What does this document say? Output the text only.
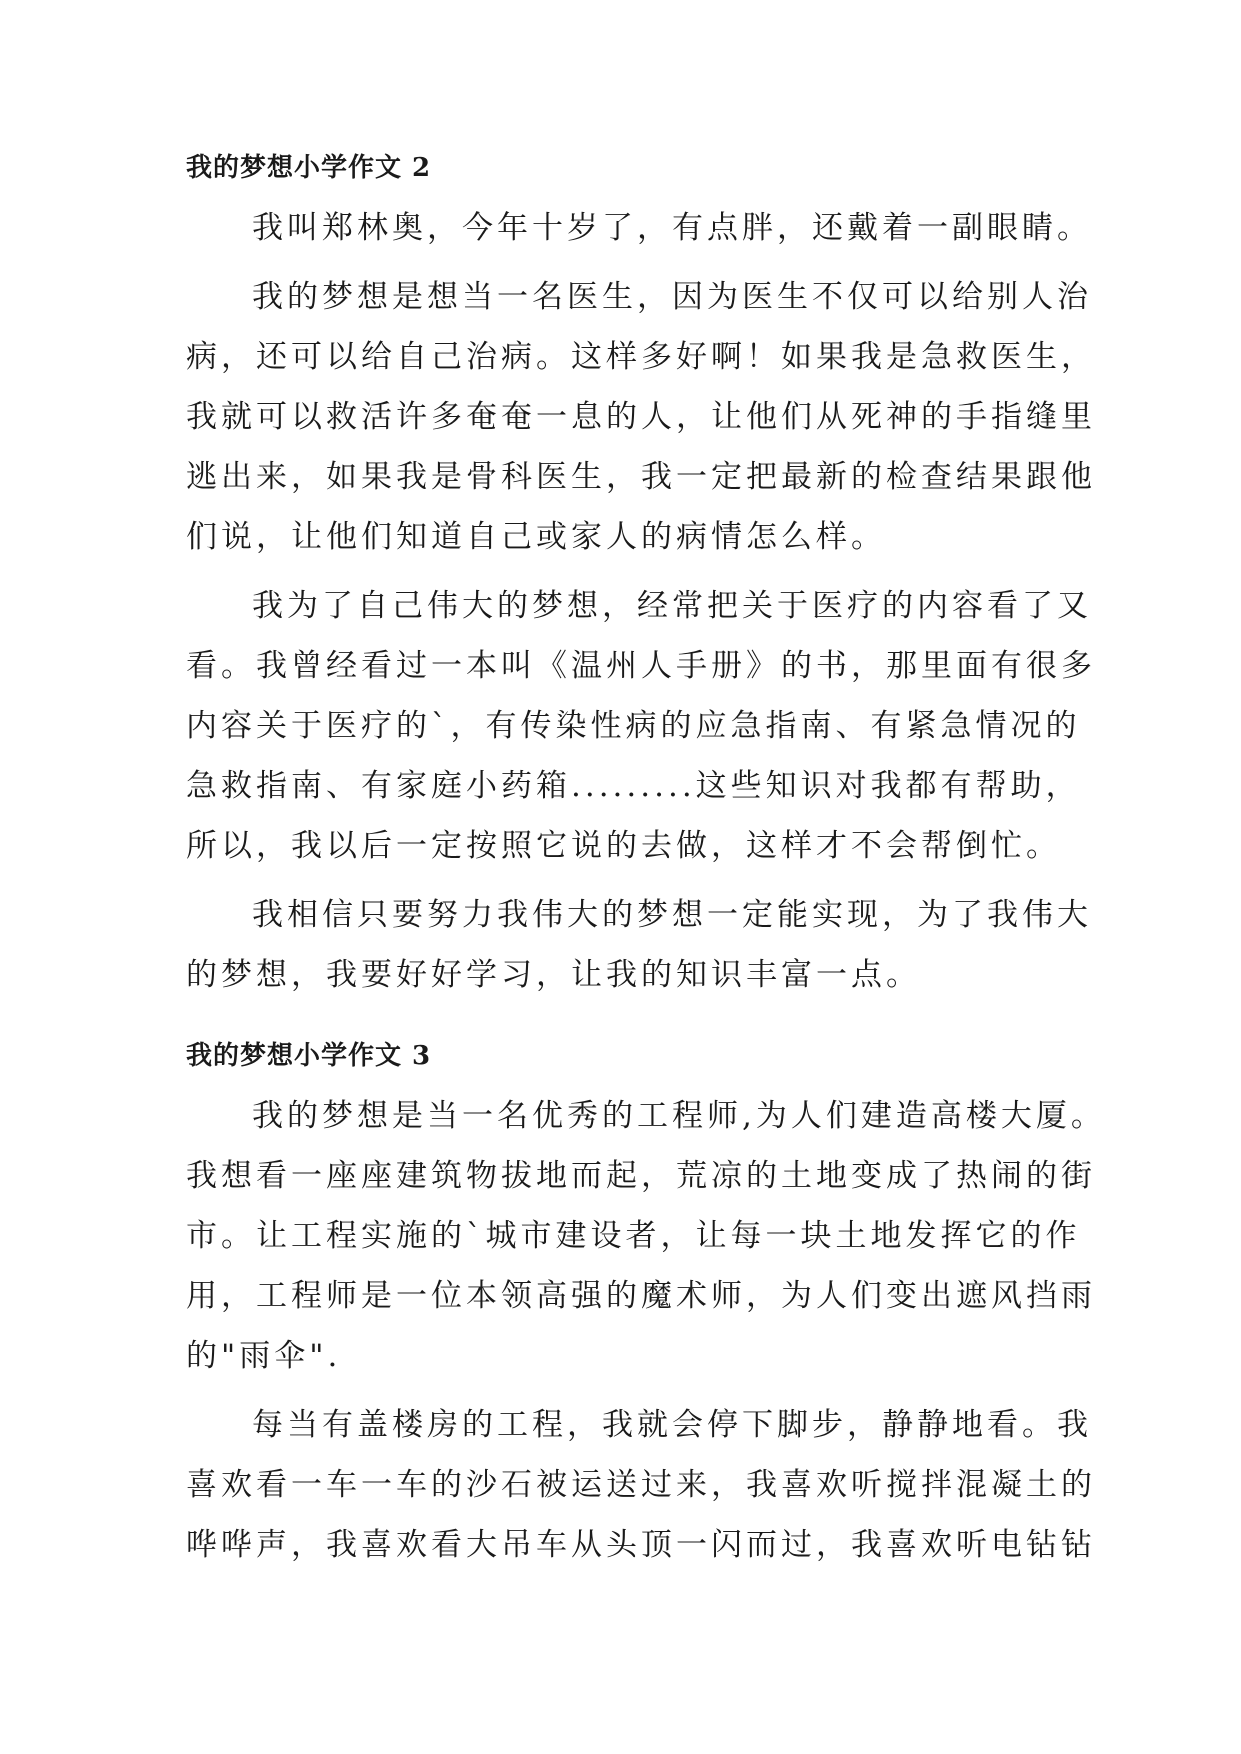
我的梦想小学作文 2

我叫郑林奥，今年十岁了，有点胖，还戴着一副眼睛。

我的梦想是想当一名医生，因为医生不仅可以给别人治
病，还可以给自己治病。这样多好啊！如果我是急救医生，
我就可以救活许多奄奄一息的人，让他们从死神的手指缝里
逃出来，如果我是骨科医生，我一定把最新的检查结果跟他
们说，让他们知道自己或家人的病情怎么样。

我为了自己伟大的梦想，经常把关于医疗的内容看了又
看。我曾经看过一本叫《温州人手册》的书，那里面有很多
内容关于医疗的`，有传染性病的应急指南、有紧急情况的
急救指南、有家庭小药箱.........这些知识对我都有帮助，
所以，我以后一定按照它说的去做，这样才不会帮倒忙。

我相信只要努力我伟大的梦想一定能实现，为了我伟大
的梦想，我要好好学习，让我的知识丰富一点。

我的梦想小学作文 3

我的梦想是当一名优秀的工程师,为人们建造高楼大厦。
我想看一座座建筑物拔地而起，荒凉的土地变成了热闹的街
市。让工程实施的`城市建设者，让每一块土地发挥它的作
用，工程师是一位本领高强的魔术师，为人们变出遮风挡雨
的"雨伞".

每当有盖楼房的工程，我就会停下脚步，静静地看。我
喜欢看一车一车的沙石被运送过来，我喜欢听搅拌混凝土的
哗哗声，我喜欢看大吊车从头顶一闪而过，我喜欢听电钻钻
